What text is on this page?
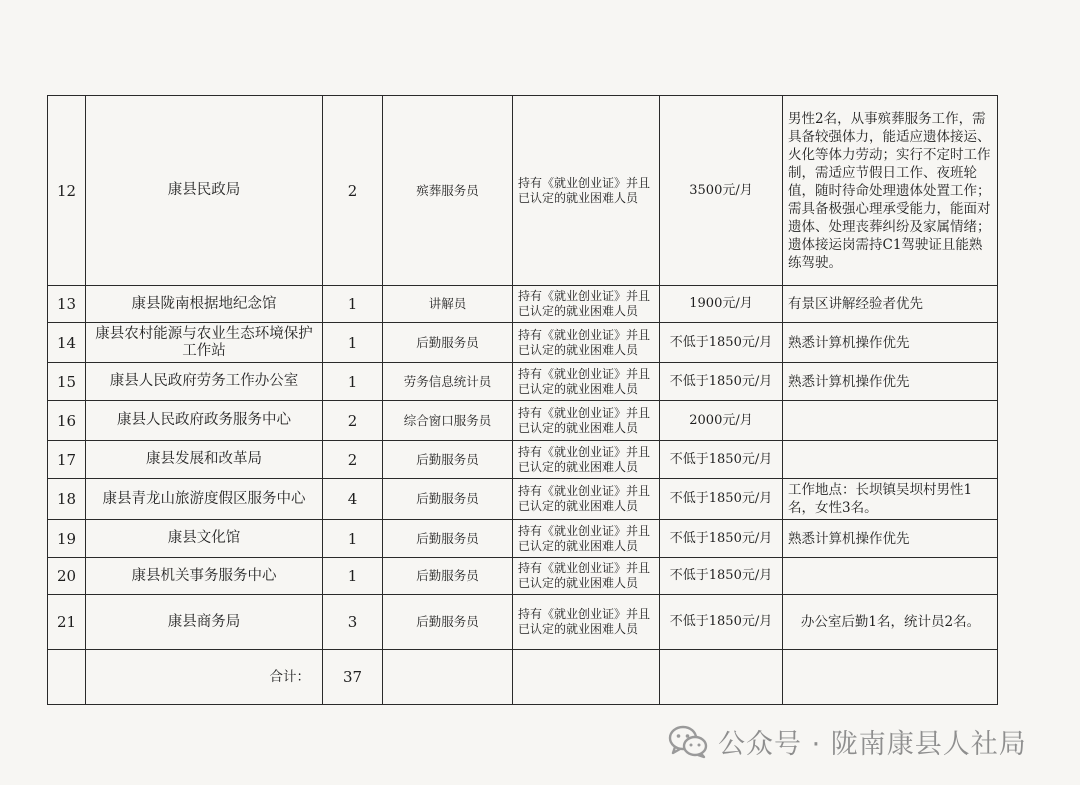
12	康县民政局	2	殡葬服务员	持有《就业创业证》并且已认定的就业困难人员	3500元/月	男性2名，从事殡葬服务工作，需具备较强体力，能适应遗体接运、火化等体力劳动；实行不定时工作制，需适应节假日工作、夜班轮值，随时待命处理遗体处置工作；需具备极强心理承受能力，能面对遗体、处理丧葬纠纷及家属情绪；遗体接运岗需持C1驾驶证且能熟练驾驶。
13	康县陇南根据地纪念馆	1	讲解员	持有《就业创业证》并且已认定的就业困难人员	1900元/月	有景区讲解经验者优先
14	康县农村能源与农业生态环境保护工作站	1	后勤服务员	持有《就业创业证》并且已认定的就业困难人员	不低于1850元/月	熟悉计算机操作优先
15	康县人民政府劳务工作办公室	1	劳务信息统计员	持有《就业创业证》并且已认定的就业困难人员	不低于1850元/月	熟悉计算机操作优先
16	康县人民政府政务服务中心	2	综合窗口服务员	持有《就业创业证》并且已认定的就业困难人员	2000元/月	
17	康县发展和改革局	2	后勤服务员	持有《就业创业证》并且已认定的就业困难人员	不低于1850元/月	
18	康县青龙山旅游度假区服务中心	4	后勤服务员	持有《就业创业证》并且已认定的就业困难人员	不低于1850元/月	工作地点：长坝镇吴坝村男性1名，女性3名。
19	康县文化馆	1	后勤服务员	持有《就业创业证》并且已认定的就业困难人员	不低于1850元/月	熟悉计算机操作优先
20	康县机关事务服务中心	1	后勤服务员	持有《就业创业证》并且已认定的就业困难人员	不低于1850元/月	
21	康县商务局	3	后勤服务员	持有《就业创业证》并且已认定的就业困难人员	不低于1850元/月	办公室后勤1名，统计员2名。
	合计：	37				
公众号 · 陇南康县人社局
